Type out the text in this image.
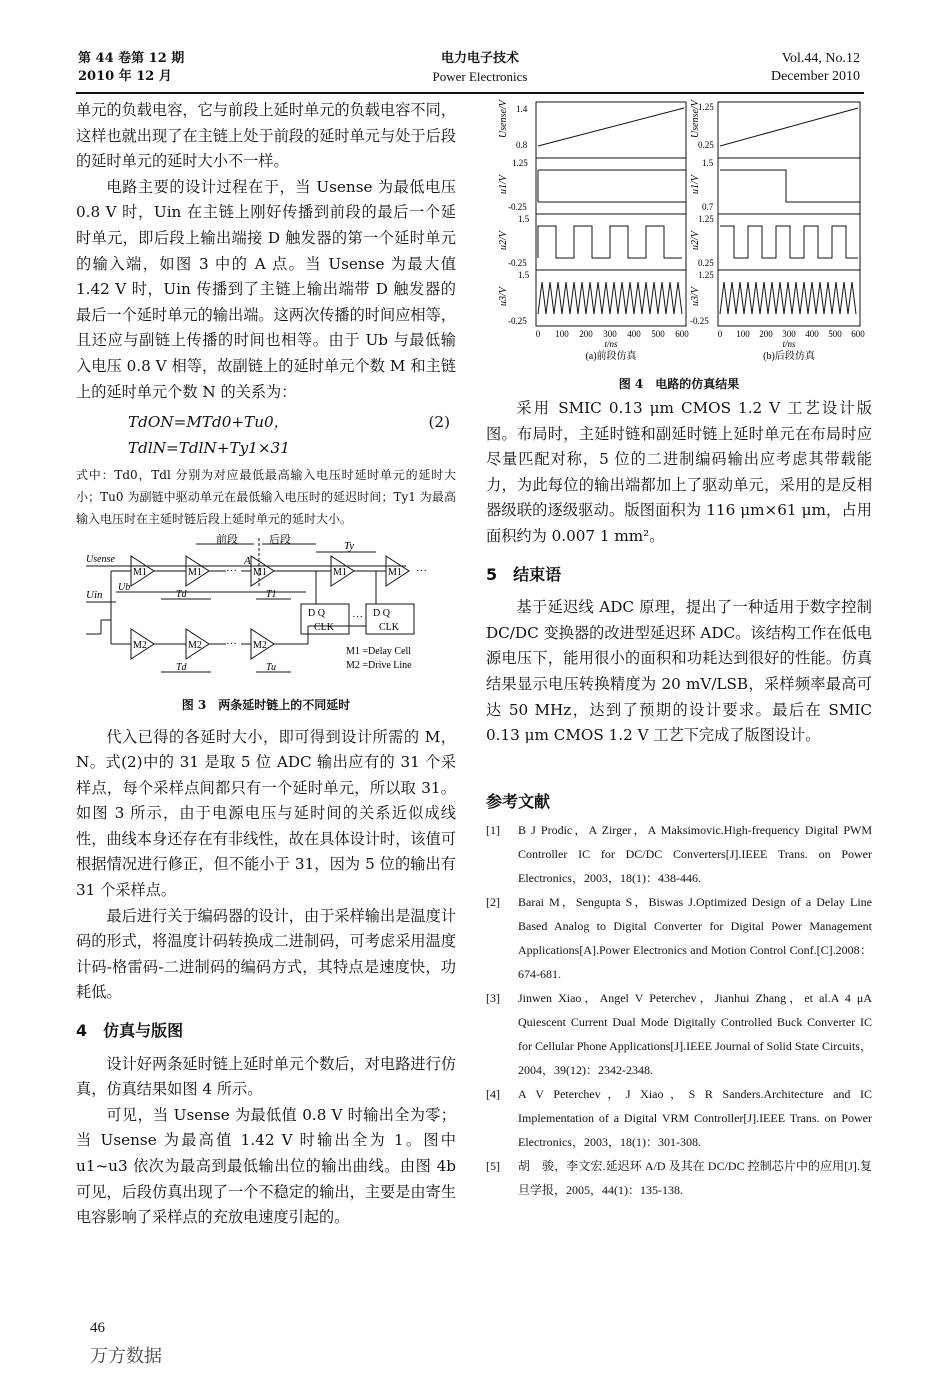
第 44 卷第 12 期
2010 年 12 月
电力电子技术
Power Electronics
Vol.44, No.12
December 2010

单元的负载电容，它与前段上延时单元的负载电容不同，这样也就出现了在主链上处于前段的延时单元与处于后段的延时单元的延时大小不一样。

电路主要的设计过程在于，当 Usense 为最低电压 0.8 V 时，Uin 在主链上刚好传播到前段的最后一个延时单元，即后段上输出端接 D 触发器的第一个延时单元的输入端，如图 3 中的 A 点。当 Usense 为最大值 1.42 V 时，Uin 传播到了主链上输出端带 D 触发器的最后一个延时单元的输出端。这两次传播的时间应相等，且还应与副链上传播的时间也相等。由于 Ub 与最低输入电压 0.8 V 相等，故副链上的延时单元个数 M 和主链上的延时单元个数 N 的关系为：

TdON=MTd0+Tu0， TdlN=TdlN+Ty1×31
(2)

式中：Td0，Tdl 分别为对应最低最高输入电压时延时单元的延时大小；Tu0 为副链中驱动单元在最低输入电压时的延迟时间；Ty1 为最高输入电压时在主延时链后段上延时单元的延时大小。

前段	后段	Ty
Usense
Uin
Ub
A
M1	M1	M1	M1	M1
M2	M2	M2
Td	T1
Td	Tu
D Q
CLK
D Q
CLK
···
···
···
···
M1 =Delay Cell
M2 =Drive Line
图 3　两条延时链上的不同延时

代入已得的各延时大小，即可得到设计所需的 M，N。式(2)中的 31 是取 5 位 ADC 输出应有的 31 个采样点，每个采样点间都只有一个延时单元，所以取 31。如图 3 所示，由于电源电压与延时间的关系近似成线性，曲线本身还存在有非线性，故在具体设计时，该值可根据情况进行修正，但不能小于 31，因为 5 位的输出有 31 个采样点。

最后进行关于编码器的设计，由于采样输出是温度计码的形式，将温度计码转换成二进制码，可考虑采用温度计码-格雷码-二进制码的编码方式，其特点是速度快，功耗低。

4　仿真与版图

设计好两条延时链上延时单元个数后，对电路进行仿真，仿真结果如图 4 所示。

可见，当 Usense 为最低值 0.8 V 时输出全为零；当 Usense 为最高值 1.42 V 时输出全为 1。图中 u1~u3 依次为最高到最低输出位的输出曲线。由图 4b 可见，后段仿真出现了一个不稳定的输出，主要是由寄生电容影响了采样点的充放电速度引起的。

Usense/V
u1/V
u2/V
u3/V
Usense/V
u1/V
u2/V
u3/V
1.4
0.8
1.25
-0.25
1.5
-0.25
1.5
-0.25
1.25
0.25
1.5
0.7
1.25
0.25
1.25
-0.25
0 100 200 300 400 500 600	0 100 200 300 400 500 600
t/ns	t/ns
(a)前段仿真	(b)后段仿真
图 4　电路的仿真结果

采用 SMIC 0.13 μm CMOS 1.2 V 工艺设计版图。布局时，主延时链和副延时链上延时单元在布局时应尽量匹配对称，5 位的二进制编码输出应考虑其带载能力，为此每位的输出端都加上了驱动单元，采用的是反相器级联的逐级驱动。版图面积为 116 μm×61 μm，占用面积约为 0.007 1 mm²。

5　结束语

基于延迟线 ADC 原理，提出了一种适用于数字控制 DC/DC 变换器的改进型延迟环 ADC。该结构工作在低电源电压下，能用很小的面积和功耗达到很好的性能。仿真结果显示电压转换精度为 20 mV/LSB，采样频率最高可达 50 MHz，达到了预期的设计要求。最后在 SMIC 0.13 μm CMOS 1.2 V 工艺下完成了版图设计。

参考文献
[1]	B J Prodic，A Zirger，A Maksimovic.High-frequency Digital PWM Controller IC for DC/DC Converters[J].IEEE Trans. on Power Electronics，2003，18(1)：438-446.
[2]	Barai M，Sengupta S，Biswas J.Optimized Design of a Delay Line Based Analog to Digital Converter for Digital Power Management Applications[A].Power Electronics and Motion Control Conf.[C].2008：674-681.
[3]	Jinwen Xiao，Angel V Peterchev，Jianhui Zhang，et al.A 4 μA Quiescent Current Dual Mode Digitally Controlled Buck Converter IC for Cellular Phone Applications[J].IEEE Journal of Solid State Circuits，2004，39(12)：2342-2348.
[4]	A V Peterchev，J Xiao，S R Sanders.Architecture and IC Implementation of a Digital VRM Controller[J].IEEE Trans. on Power Electronics，2003，18(1)：301-308.
[5]	胡　骏，李文宏.延迟环 A/D 及其在 DC/DC 控制芯片中的应用[J].复旦学报，2005，44(1)：135-138.
46
万方数据
